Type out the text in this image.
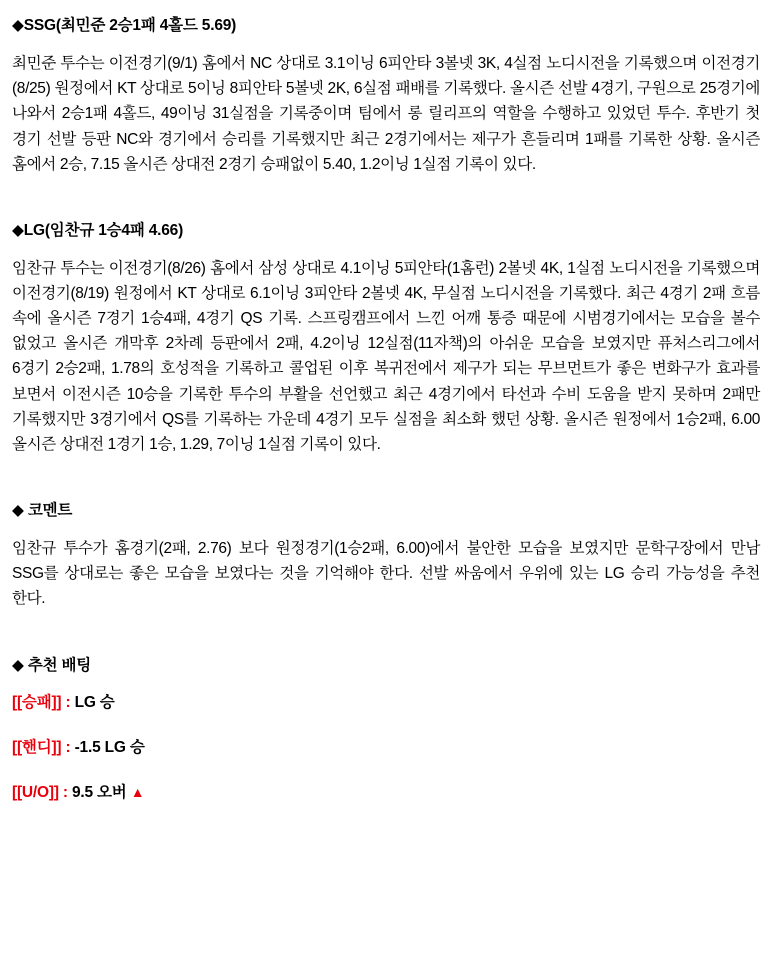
◆SSG(최민준 2승1패 4홀드 5.69)

최민준 투수는 이전경기(9/1) 홈에서 NC 상대로 3.1이닝 6피안타 3볼넷 3K, 4실점 노디시전을 기록했으며 이전경기(8/25) 원정에서 KT 상대로 5이닝 8피안타 5볼넷 2K, 6실점 패배를 기록했다. 올시즌 선발 4경기, 구원으로 25경기에 나와서 2승1패 4홀드, 49이닝 31실점을 기록중이며 팀에서 롱 릴리프의 역할을 수행하고 있었던 투수. 후반기 첫 경기 선발 등판 NC와 경기에서 승리를 기록했지만 최근 2경기에서는 제구가 흔들리며 1패를 기록한 상황. 올시즌 홈에서 2승, 7.15 올시즌 상대전 2경기 승패없이 5.40, 1.2이닝 1실점 기록이 있다.

◆LG(임찬규 1승4패 4.66)

임찬규 투수는 이전경기(8/26) 홈에서 삼성 상대로 4.1이닝 5피안타(1홈런) 2볼넷 4K, 1실점 노디시전을 기록했으며 이전경기(8/19) 원정에서 KT 상대로 6.1이닝 3피안타 2볼넷 4K, 무실점 노디시전을 기록했다. 최근 4경기 2패 흐름 속에 올시즌 7경기 1승4패, 4경기 QS 기록. 스프링캠프에서 느낀 어깨 통증 때문에 시범경기에서는 모습을 볼수 없었고 올시즌 개막후 2차례 등판에서 2패, 4.2이닝 12실점(11자책)의 아쉬운 모습을 보였지만 퓨처스리그에서 6경기 2승2패, 1.78의 호성적을 기록하고 콜업된 이후 복귀전에서 제구가 되는 무브먼트가 좋은 변화구가 효과를 보면서 이전시즌 10승을 기록한 투수의 부활을 선언했고 최근 4경기에서 타선과 수비 도움을 받지 못하며 2패만 기록했지만 3경기에서 QS를 기록하는 가운데 4경기 모두 실점을 최소화 했던 상황. 올시즌 원정에서 1승2패, 6.00 올시즌 상대전 1경기 1승, 1.29, 7이닝 1실점 기록이 있다.

◆ 코멘트

임찬규 투수가 홈경기(2패, 2.76) 보다 원정경기(1승2패, 6.00)에서 불안한 모습을 보였지만 문학구장에서 만남 SSG를 상대로는 좋은 모습을 보였다는 것을 기억해야 한다. 선발 싸움에서 우위에 있는 LG 승리 가능성을 추천 한다.

◆ 추천 배팅
[[승패]] : LG 승
[[핸디]] : -1.5 LG 승
[[U/O]] : 9.5 오버 ▲
